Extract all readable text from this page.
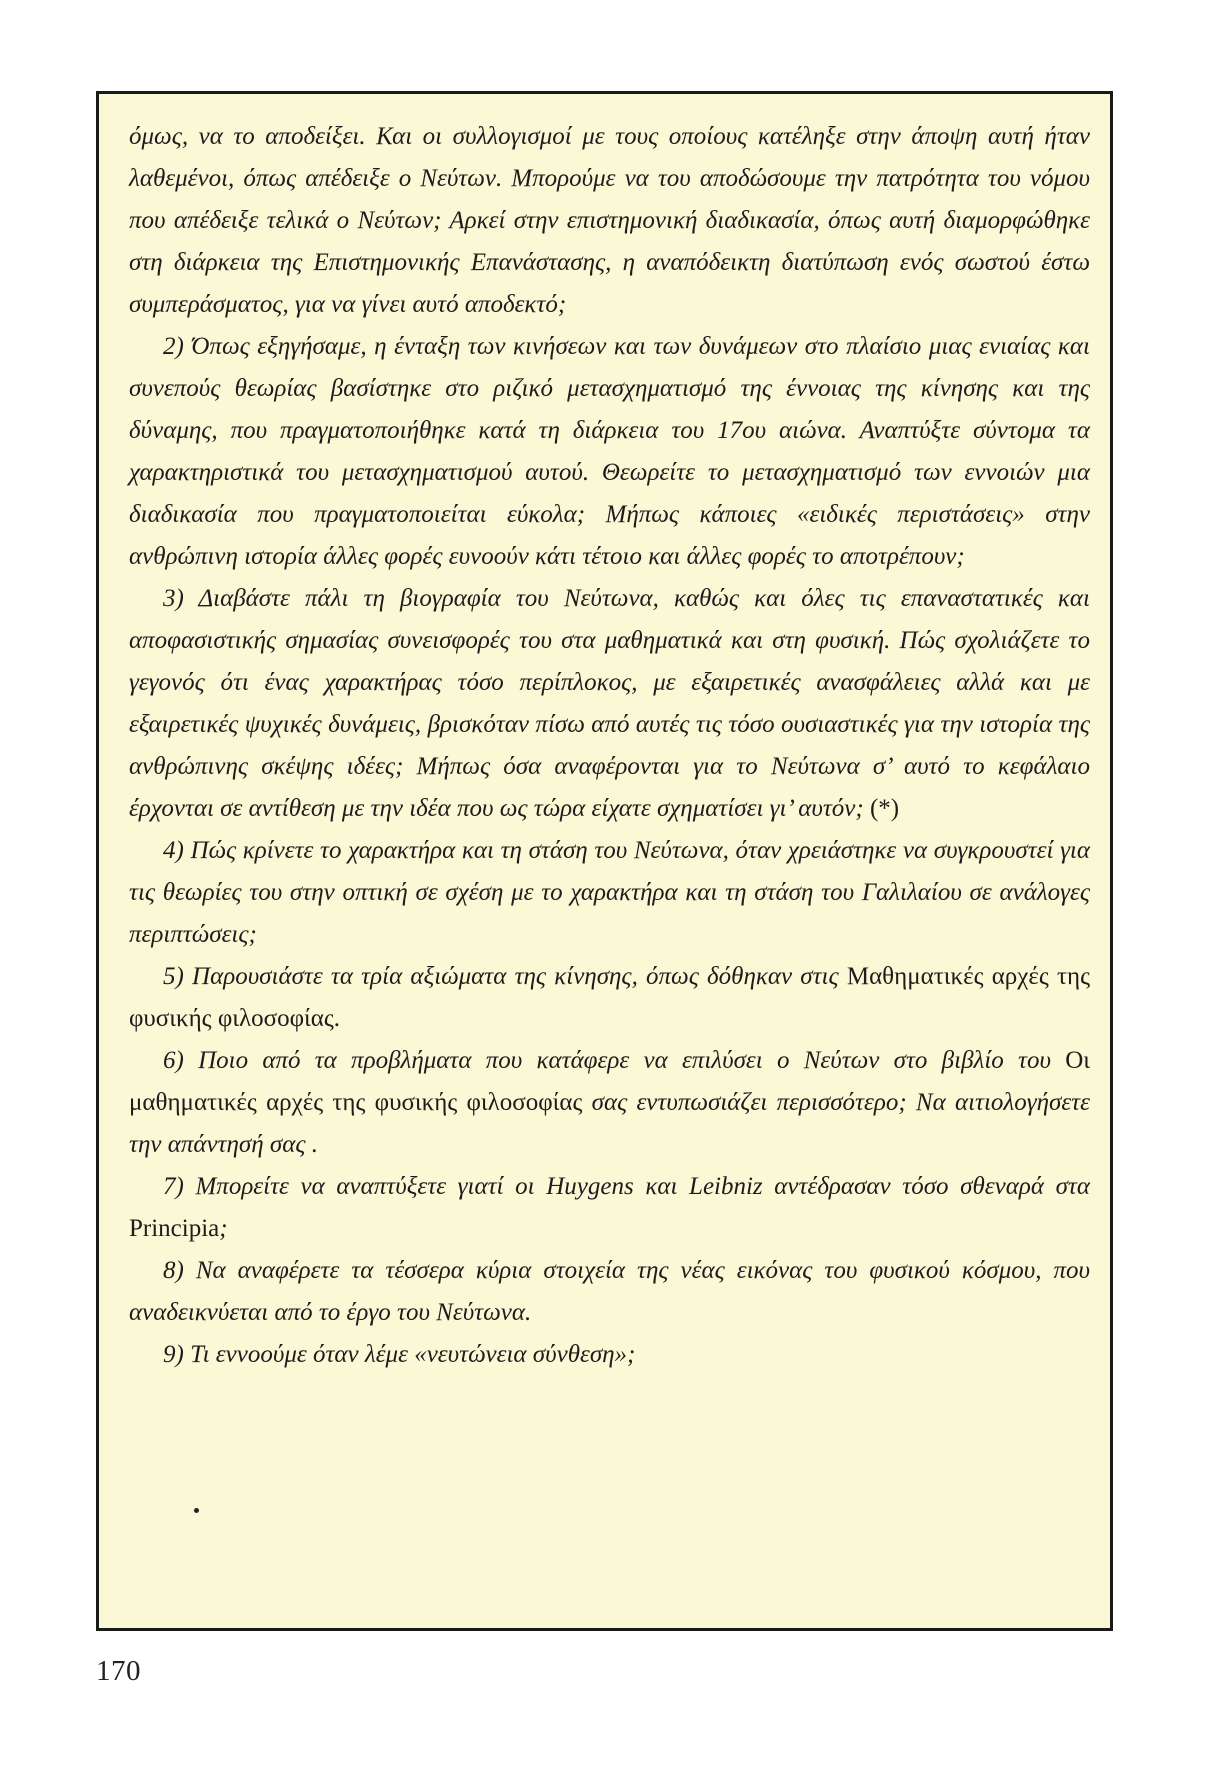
όμως, να το αποδείξει. Και οι συλλογισμοί με τους οποίους κατέληξε στην άποψη αυτή ήταν λαθεμένοι, όπως απέδειξε ο Νεύτων. Μπορούμε να του αποδώσουμε την πατρότητα του νόμου που απέδειξε τελικά ο Νεύτων; Αρκεί στην επιστημονική διαδικασία, όπως αυτή διαμορφώθηκε στη διάρκεια της Επιστημονικής Επανάστασης, η αναπόδεικτη διατύπωση ενός σωστού έστω συμπεράσματος, για να γίνει αυτό αποδεκτό;

2) Όπως εξηγήσαμε, η ένταξη των κινήσεων και των δυνάμεων στο πλαίσιο μιας ενιαίας και συνεπούς θεωρίας βασίστηκε στο ριζικό μετασχηματισμό της έννοιας της κίνησης και της δύναμης, που πραγματοποιήθηκε κατά τη διάρκεια του 17ου αιώνα. Αναπτύξτε σύντομα τα χαρακτηριστικά του μετασχηματισμού αυτού. Θεωρείτε το μετασχηματισμό των εννοιών μια διαδικασία που πραγματοποιείται εύκολα; Μήπως κάποιες «ειδικές περιστάσεις» στην ανθρώπινη ιστορία άλλες φορές ευνοούν κάτι τέτοιο και άλλες φορές το αποτρέπουν;

3) Διαβάστε πάλι τη βιογραφία του Νεύτωνα, καθώς και όλες τις επαναστατικές και αποφασιστικής σημασίας συνεισφορές του στα μαθηματικά και στη φυσική. Πώς σχολιάζετε το γεγονός ότι ένας χαρακτήρας τόσο περίπλοκος, με εξαιρετικές ανασφάλειες αλλά και με εξαιρετικές ψυχικές δυνάμεις, βρισκόταν πίσω από αυτές τις τόσο ουσιαστικές για την ιστορία της ανθρώπινης σκέψης ιδέες; Μήπως όσα αναφέρονται για το Νεύτωνα σ’ αυτό το κεφάλαιο έρχονται σε αντίθεση με την ιδέα που ως τώρα είχατε σχηματίσει γι’ αυτόν; (*)

4) Πώς κρίνετε το χαρακτήρα και τη στάση του Νεύτωνα, όταν χρειάστηκε να συγκρουστεί για τις θεωρίες του στην οπτική σε σχέση με το χαρακτήρα και τη στάση του Γαλιλαίου σε ανάλογες περιπτώσεις;

5) Παρουσιάστε τα τρία αξιώματα της κίνησης, όπως δόθηκαν στις Μαθηματικές αρχές της φυσικής φιλοσοφίας.

6) Ποιο από τα προβλήματα που κατάφερε να επιλύσει ο Νεύτων στο βιβλίο του Οι μαθηματικές αρχές της φυσικής φιλοσοφίας σας εντυπωσιάζει περισσότερο; Να αιτιολογήσετε την απάντησή σας .

7) Μπορείτε να αναπτύξετε γιατί οι Huygens και Leibniz αντέδρασαν τόσο σθεναρά στα Principia;

8) Να αναφέρετε τα τέσσερα κύρια στοιχεία της νέας εικόνας του φυσικού κόσμου, που αναδεικνύεται από το έργο του Νεύτωνα.

9) Τι εννοούμε όταν λέμε «νευτώνεια σύνθεση»;

170
